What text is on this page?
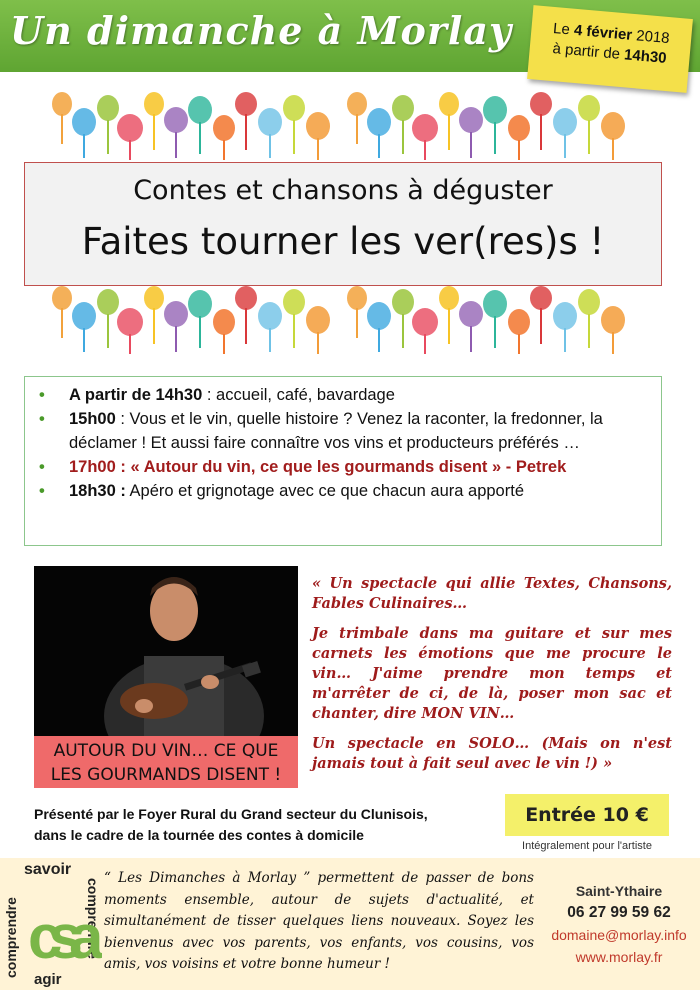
Un dimanche à Morlay	Le 4 février 2018
à partir de 14h30
Contes et chansons à déguster
Faites tourner les ver(res)s !
• A partir de 14h30 : accueil, café, bavardage
• 15h00 : Vous et le vin, quelle histoire ? Venez la raconter, la fredonner, la déclamer ! Et aussi faire connaître vos vins et producteurs préférés …
• 17h00 : « Autour du vin, ce que les gourmands disent » - Petrek
• 18h30 : Apéro et grignotage avec ce que chacun aura apporté
AUTOUR DU VIN… CE QUE
LES GOURMANDS DISENT !

« Un spectacle qui allie Textes, Chansons, Fables Culinaires…

Je trimbale dans ma guitare et sur mes carnets les émotions que me procure le vin… J'aime prendre mon temps et m'arrêter de ci, de là, poser mon sac et chanter, dire MON VIN…

Un spectacle en SOLO… (Mais on n'est jamais tout à fait seul avec le vin !) »

Présenté par le Foyer Rural du Grand secteur du Clunisois,
dans le cadre de la tournée des contes à domicile
Entrée 10 €
Intégralement pour l'artiste
savoir
comprendre	comprendre
agir
csa
“ Les Dimanches à Morlay ” permettent de passer de bons moments ensemble, autour de sujets d'actualité, et simultanément de tisser quelques liens nouveaux. Soyez les bienvenus avec vos parents, vos enfants, vos cousins, vos amis, vos voisins et votre bonne humeur !
Saint-Ythaire
06 27 99 59 62
domaine@morlay.info
www.morlay.fr
